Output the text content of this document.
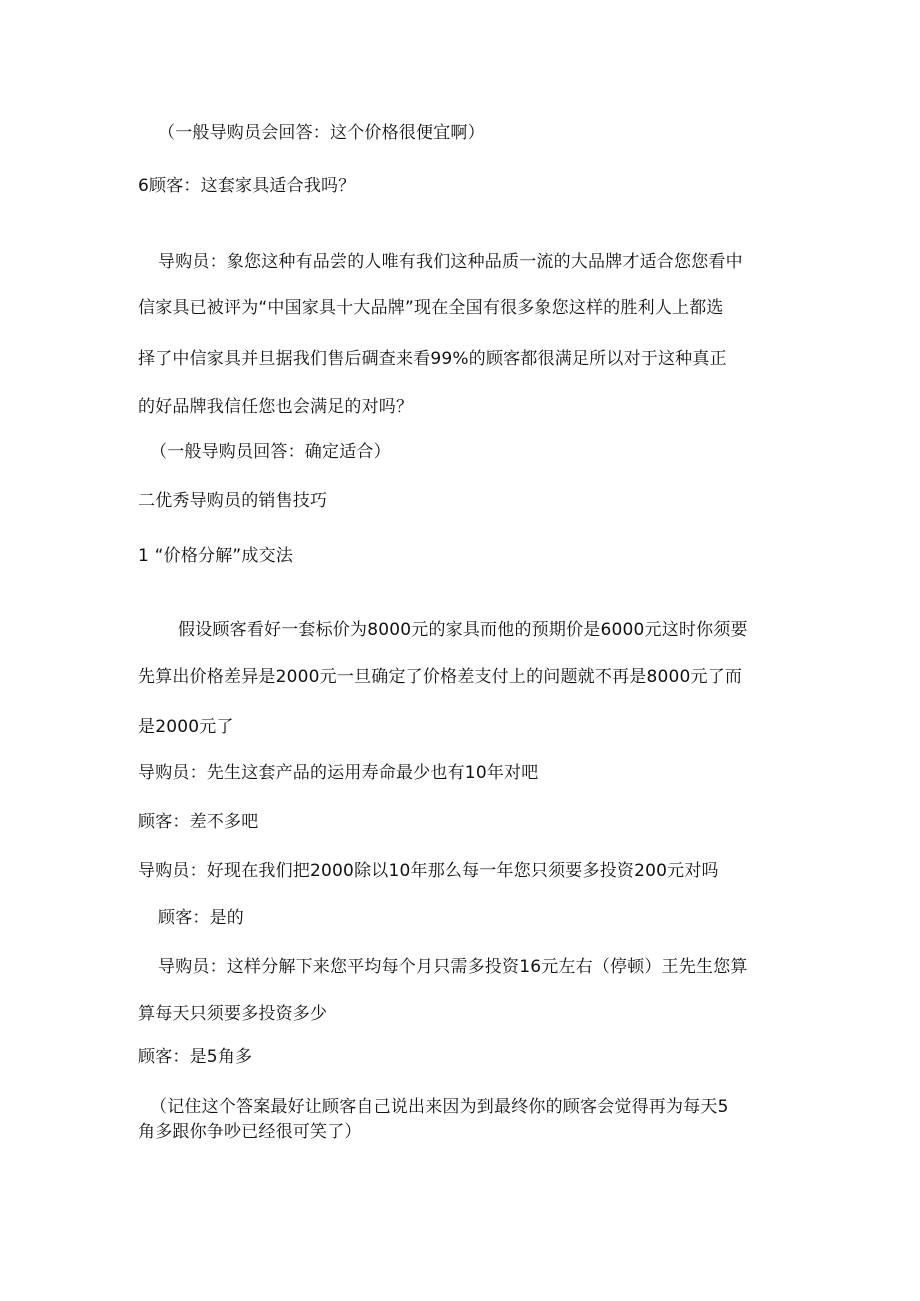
（一般导购员会回答：这个价格很便宜啊）
6顾客：这套家具适合我吗？
导购员：象您这种有品尝的人唯有我们这种品质一流的大品牌才适合您您看中
信家具已被评为“中国家具十大品牌”现在全国有很多象您这样的胜利人上都选
择了中信家具并旦据我们售后碉查来看99%的顾客都很满足所以对于这种真正
的好品牌我信任您也会满足的对吗？
（一般导购员回答：确定适合）
二优秀导购员的销售技巧
1 “价格分解”成交法
假设顾客看好一套标价为8000元的家具而他的预期价是6000元这时你须要
先算出价格差异是2000元一旦确定了价格差支付上的问题就不再是8000元了而
是2000元了
导购员：先生这套产品的运用寿命最少也有10年对吧
顾客：差不多吧
导购员：好现在我们把2000除以10年那么每一年您只须要多投资200元对吗
顾客：是的
导购员：这样分解下来您平均每个月只需多投资16元左右（停顿）王先生您算
算每天只须要多投资多少
顾客：是5角多
（记住这个答案最好让顾客自己说出来因为到最终你的顾客会觉得再为每天5
角多跟你争吵已经很可笑了）
